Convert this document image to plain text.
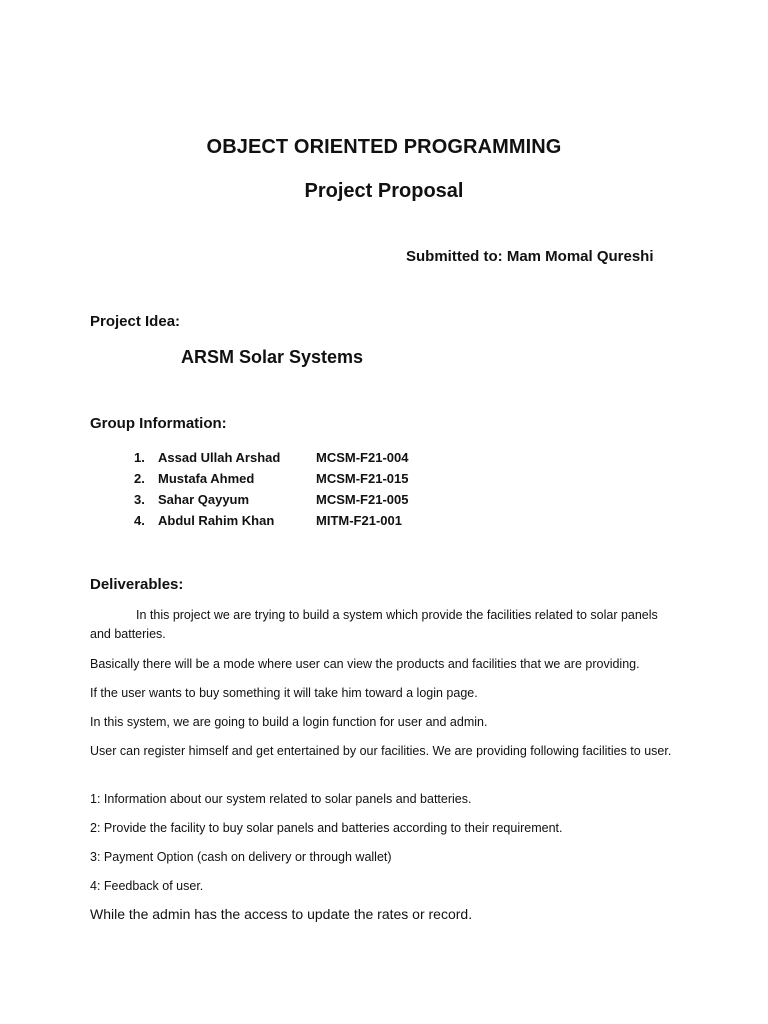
OBJECT ORIENTED PROGRAMMING
Project Proposal
Submitted to: Mam Momal Qureshi
Project Idea:
ARSM Solar Systems
Group Information:
1.	Assad Ullah Arshad	MCSM-F21-004
2.	Mustafa Ahmed	MCSM-F21-015
3.	Sahar Qayyum	MCSM-F21-005
4.	Abdul Rahim Khan	MITM-F21-001
Deliverables:
In this project we are trying to build a system which provide the facilities related to solar panels and batteries.
Basically there will be a mode where user can view the products and facilities that we are providing.
If the user wants to buy something it will take him toward a login page.
In this system, we are going to build a login function for user and admin.
User can register himself and get entertained by our facilities. We are providing following facilities to user.
1: Information about our system related to solar panels and batteries.
2: Provide the facility to buy solar panels and batteries according to their requirement.
3: Payment Option (cash on delivery or through wallet)
4: Feedback of user.
While the admin has the access to update the rates or record.
